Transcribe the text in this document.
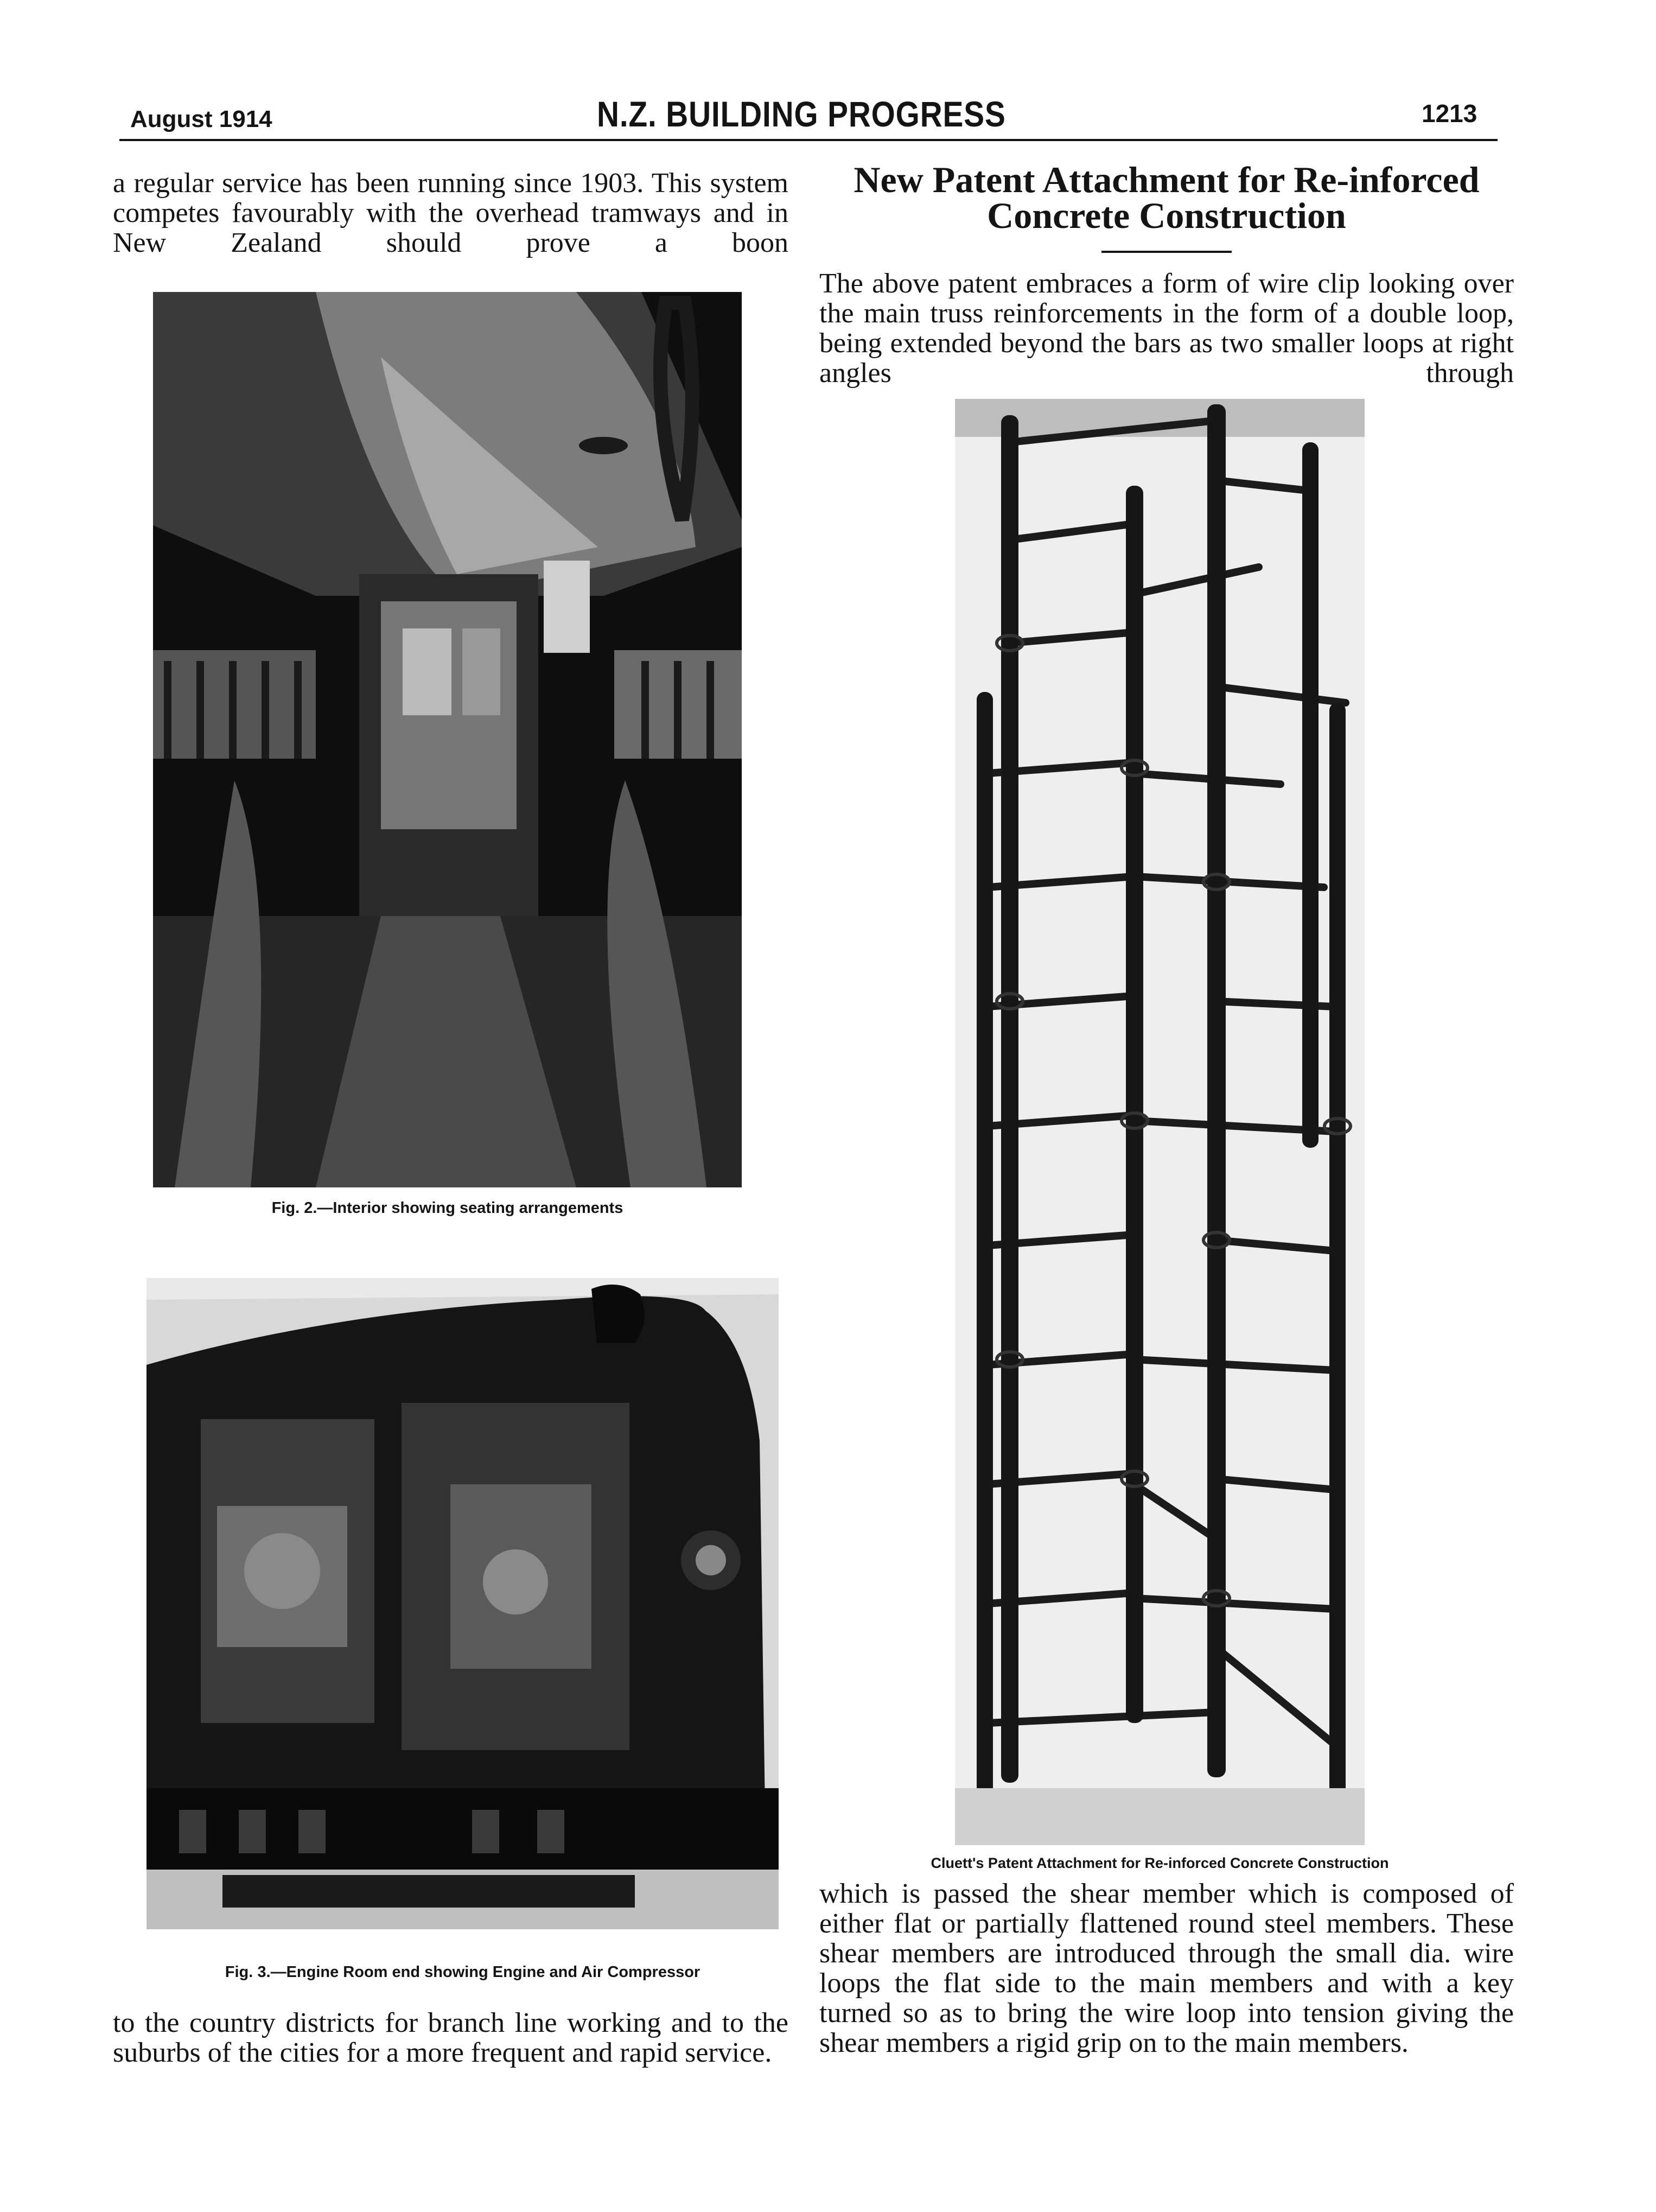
August 1914	N.Z. BUILDING PROGRESS	1213

a regular service has been running since 1903. This system competes favourably with the overhead tramways and in New Zealand should prove a boon

Fig. 2.—Interior showing seating arrangements
Fig. 3.—Engine Room end showing Engine and Air Compressor

to the country districts for branch line working and to the suburbs of the cities for a more frequent and rapid service.

New Patent Attachment for Re-inforced Concrete Construction

The above patent embraces a form of wire clip looking over the main truss reinforcements in the form of a double loop, being extended beyond the bars as two smaller loops at right angles through

Cluett's Patent Attachment for Re-inforced Concrete Construction

which is passed the shear member which is composed of either flat or partially flattened round steel members. These shear members are introduced through the small dia. wire loops the flat side to the main members and with a key turned so as to bring the wire loop into tension giving the shear members a rigid grip on to the main members.
